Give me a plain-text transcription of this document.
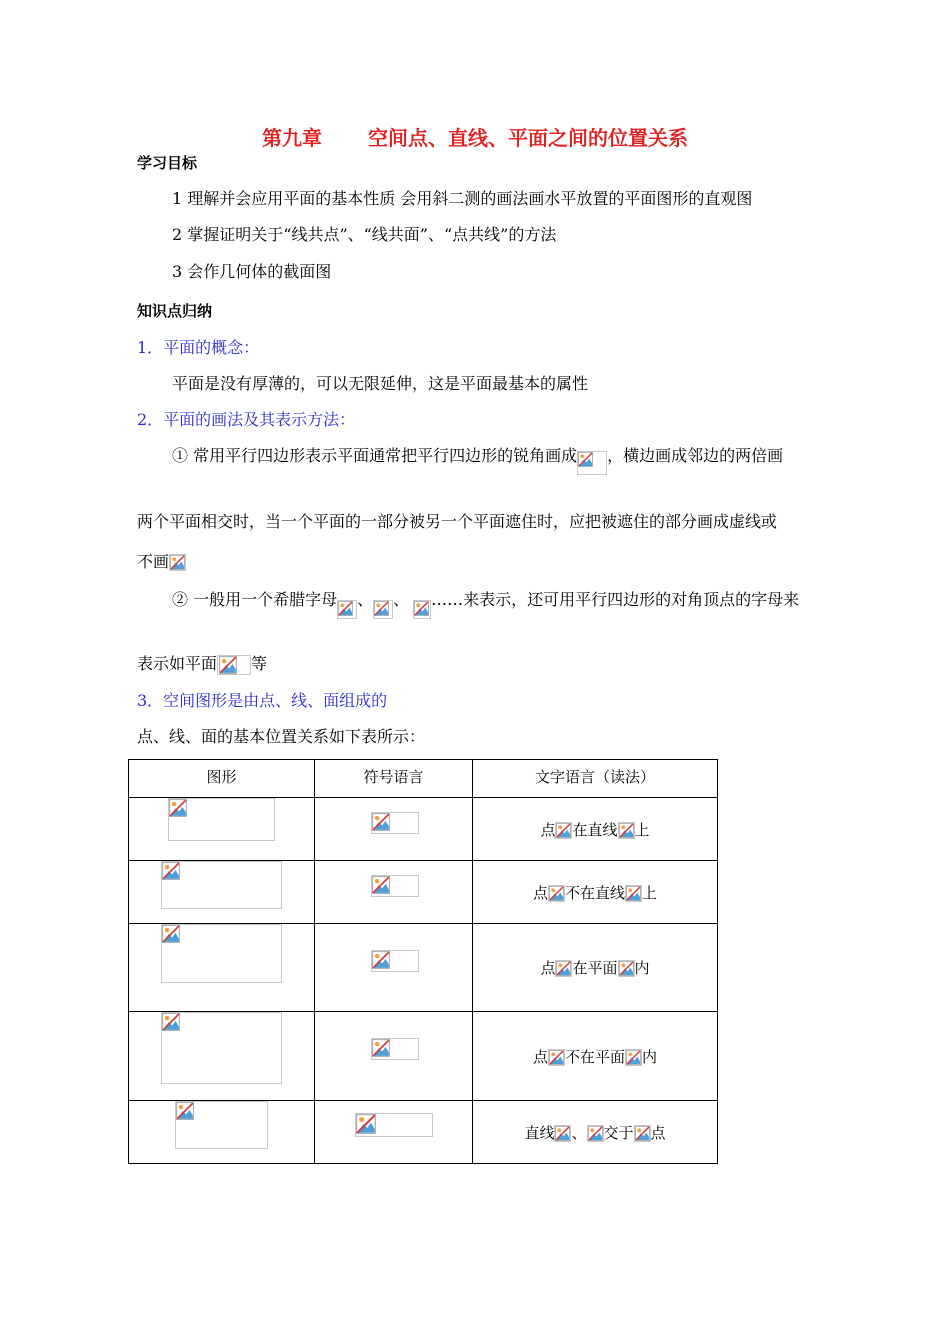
第九章 空间点、直线、平面之间的位置关系
学习目标
1 理解并会应用平面的基本性质 会用斜二测的画法画水平放置的平面图形的直观图
2 掌握证明关于“线共点”、“线共面”、“点共线”的方法
3 会作几何体的截面图
知识点归纳
1．平面的概念：
平面是没有厚薄的，可以无限延伸，这是平面最基本的属性
2．平面的画法及其表示方法：
① 常用平行四边形表示平面通常把平行四边形的锐角画成 ，横边画成邻边的两倍画
两个平面相交时，当一个平面的一部分被另一个平面遮住时，应把被遮住的部分画成虚线或
不画
② 一般用一个希腊字母 、 、 ……来表示，还可用平行四边形的对角顶点的字母来
表示如平面 等
3．空间图形是由点、线、面组成的
点、线、面的基本位置关系如下表所示：
图形	符号语言	文字语言（读法）

	点 在直线 上

	点 不在直线 上

	点 在平面 内

	点 不在平面 内

	直线 、 交于 点
